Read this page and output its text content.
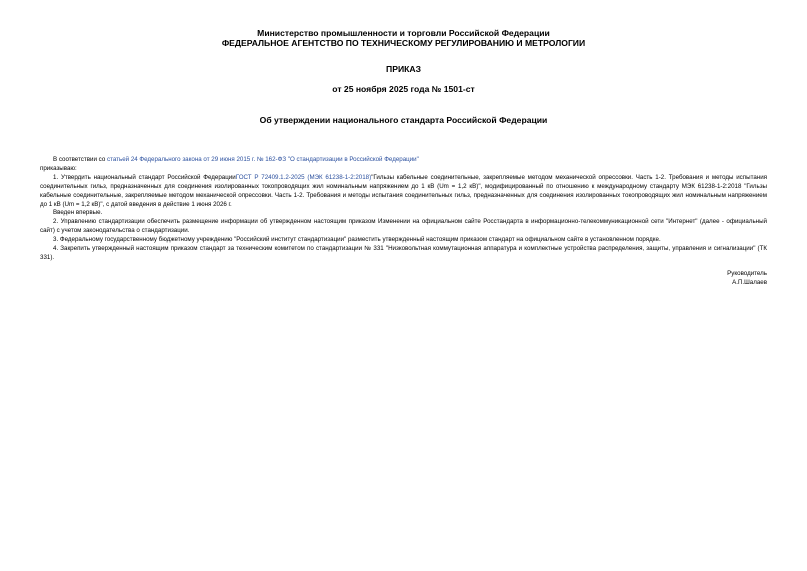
Министерство промышленности и торговли Российской Федерации
ФЕДЕРАЛЬНОЕ АГЕНТСТВО ПО ТЕХНИЧЕСКОМУ РЕГУЛИРОВАНИЮ И МЕТРОЛОГИИ
ПРИКАЗ
от 25 ноября 2025 года № 1501-ст
Об утверждении национального стандарта Российской Федерации

В соответствии со статьей 24 Федерального закона от 29 июня 2015 г. № 162-ФЗ "О стандартизации в Российской Федерации"

приказываю:

1. Утвердить национальный стандарт Российской ФедерацииГОСТ Р 72409.1.2-2025 (МЭК 61238-1-2:2018)"Гильзы кабельные соединительные, закрепляемые методом механической опрессовки. Часть 1-2. Требования и методы испытания соединительных гильз, предназначенных для соединения изолированных токопроводящих жил номинальным напряжением до 1 кВ (Um = 1,2 кВ)", модифицированный по отношению к международному стандарту МЭК 61238-1-2:2018 "Гильзы кабельные соединительные, закрепляемые методом механической опрессовки. Часть 1-2. Требования и методы испытания соединительных гильз, предназначенных для соединения изолированных токопроводящих жил номинальным напряжением до 1 кВ (Um = 1,2 кВ)", с датой введения в действие 1 июня 2026 г.

Введен впервые.

2. Управлению стандартизации обеспечить размещение информации об утвержденном настоящим приказом Изменении на официальном сайте Росстандарта в информационно-телекоммуникационной сети "Интернет" (далее - официальный сайт) с учетом законодательства о стандартизации.

3. Федеральному государственному бюджетному учреждению "Российский институт стандартизации" разместить утвержденный настоящим приказом стандарт на официальном сайте в установленном порядке.

4. Закрепить утвержденный настоящим приказом стандарт за техническим комитетом по стандартизации № 331 "Низковольтная коммутационная аппаратура и комплектные устройства распределения, защиты, управления и сигнализации" (ТК 331).

Руководитель

А.П.Шалаев
